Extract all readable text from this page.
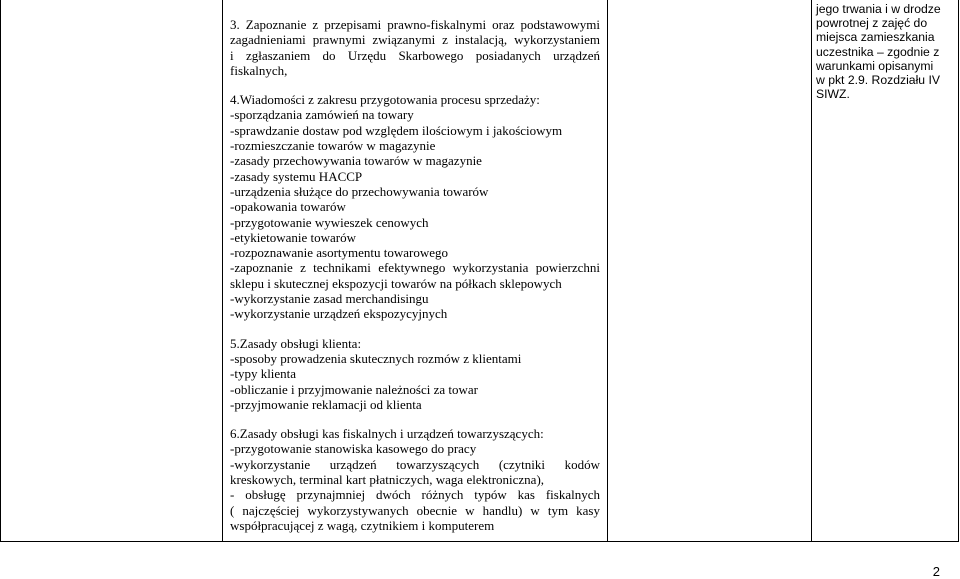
3. Zapoznanie z przepisami prawno-fiskalnymi oraz podstawowymi

zagadnieniami prawnymi związanymi z instalacją, wykorzystaniem

i zgłaszaniem do Urzędu Skarbowego posiadanych urządzeń

fiskalnych,

4.Wiadomości z zakresu przygotowania procesu sprzedaży:

-sporządzania zamówień na towary

-sprawdzanie dostaw pod względem ilościowym i jakościowym

-rozmieszczanie towarów w magazynie

-zasady przechowywania towarów w magazynie

-zasady systemu HACCP

-urządzenia służące do przechowywania towarów

-opakowania towarów

-przygotowanie wywieszek cenowych

-etykietowanie towarów

-rozpoznawanie asortymentu towarowego

-zapoznanie z technikami efektywnego wykorzystania powierzchni

sklepu i skutecznej ekspozycji towarów na półkach sklepowych

-wykorzystanie zasad merchandisingu

-wykorzystanie urządzeń ekspozycyjnych

5.Zasady obsługi klienta:

-sposoby prowadzenia skutecznych rozmów z klientami

-typy klienta

-obliczanie i przyjmowanie należności za towar

-przyjmowanie reklamacji od klienta

6.Zasady obsługi kas fiskalnych i urządzeń towarzyszących:

-przygotowanie stanowiska kasowego do pracy

-wykorzystanie urządzeń towarzyszących (czytniki kodów

kreskowych, terminal kart płatniczych, waga elektroniczna),

- obsługę przynajmniej dwóch różnych typów kas fiskalnych

( najczęściej wykorzystywanych obecnie w handlu) w tym kasy

współpracującej z wagą, czytnikiem i komputerem

jego trwania i w drodze

powrotnej z zajęć do

miejsca zamieszkania

uczestnika – zgodnie z

warunkami opisanymi

w pkt 2.9. Rozdziału IV

SIWZ.

2
